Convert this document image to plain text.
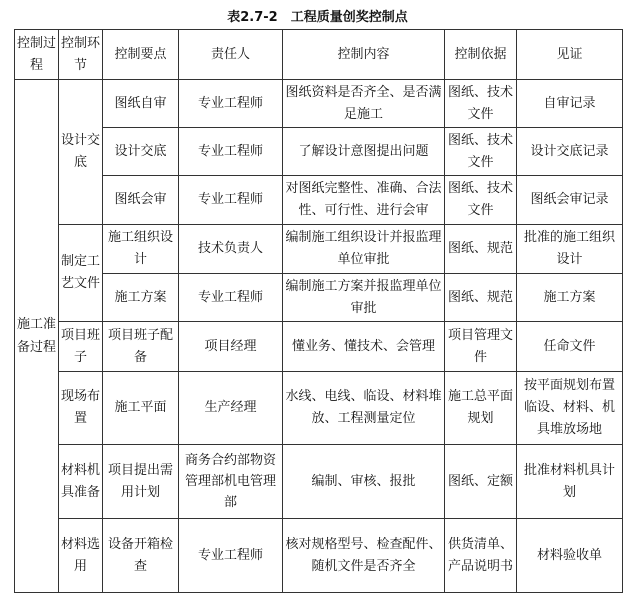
表2.7-2　工程质量创奖控制点
控制过程	控制环节	控制要点	责任人	控制内容	控制依据	见证
施工准备过程	设计交底	图纸自审	专业工程师	图纸资料是否齐全、是否满足施工	图纸、技术文件	自审记录
		设计交底	专业工程师	了解设计意图提出问题	图纸、技术文件	设计交底记录
		图纸会审	专业工程师	对图纸完整性、准确、合法性、可行性、进行会审	图纸、技术文件	图纸会审记录
	制定工艺文件	施工组织设计	技术负责人	编制施工组织设计并报监理单位审批	图纸、规范	批准的施工组织设计
		施工方案	专业工程师	编制施工方案并报监理单位审批	图纸、规范	施工方案
	项目班子	项目班子配备	项目经理	懂业务、懂技术、会管理	项目管理文件	任命文件
	现场布置	施工平面	生产经理	水线、电线、临设、材料堆放、工程测量定位	施工总平面规划	按平面规划布置临设、材料、机具堆放场地
	材料机具准备	项目提出需用计划	商务合约部物资管理部机电管理部	编制、审核、报批	图纸、定额	批准材料机具计划
	材料选用	设备开箱检查	专业工程师	核对规格型号、检查配件、随机文件是否齐全	供货清单、产品说明书	材料验收单
